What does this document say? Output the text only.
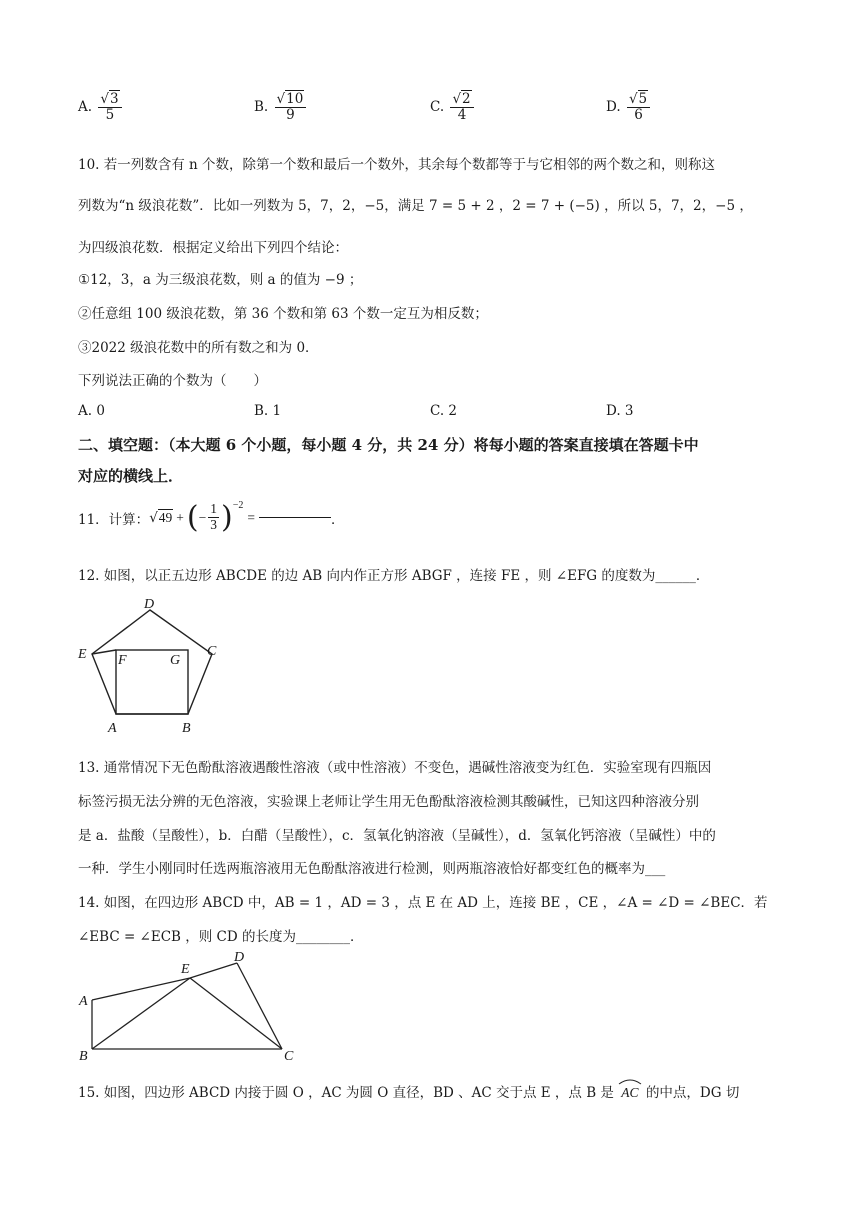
A. $\frac{√3}{5}$	B. $\frac{√10}{9}$	C. $\frac{√2}{4}$	D. $\frac{√5}{6}$
10. 若一列数含有 n 个数，除第一个数和最后一个数外，其余每个数都等于与它相邻的两个数之和，则称这
列数为“n 级浪花数”．比如一列数为 5，7，2，−5，满足 7 = 5 + 2 ，2 = 7 + (−5) ，所以 5，7，2，−5 ，
为四级浪花数．根据定义给出下列四个结论：
①12，3，a 为三级浪花数，则 a 的值为 −9 ；
②任意组 100 级浪花数，第 36 个数和第 63 个数一定互为相反数；
③2022 级浪花数中的所有数之和为 0．
下列说法正确的个数为（　　）
A. 0	B. 1	C. 2	D. 3
二、填空题：（本大题 6 个小题，每小题 4 分，共 24 分）将每小题的答案直接填在答题卡中
对应的横线上．
11．计算： √ 49 + ( − $\frac{1}{3} )^{-2}$
=	．
12. 如图，以正五边形 ABCDE 的边 AB 向内作正方形 ABGF ，连接 FE ，则 ∠EFG 的度数为______．
D
E F	G
C
A	B
13. 通常情况下无色酚酞溶液遇酸性溶液（或中性溶液）不变色，遇碱性溶液变为红色．实验室现有四瓶因
标签污损无法分辨的无色溶液，实验课上老师让学生用无色酚酞溶液检测其酸碱性，已知这四种溶液分别
是 a．盐酸（呈酸性），b．白醋（呈酸性），c．氢氧化钠溶液（呈碱性），d．氢氧化钙溶液（呈碱性）中的
一种．学生小刚同时任选两瓶溶液用无色酚酞溶液进行检测，则两瓶溶液恰好都变红色的概率为___
14. 如图，在四边形 ABCD 中，AB = 1 ，AD = 3 ，点 E 在 AD 上，连接 BE ，CE ，∠A = ∠D = ∠BEC．若
∠EBC = ∠ECB ，则 CD 的长度为________．
A
E
D
B	C
15. 如图，四边形 ABCD 内接于圆 O ，AC 为圆 O 直径，BD 、AC 交于点 E ，点 B 是 AC 的中点，DG 切
